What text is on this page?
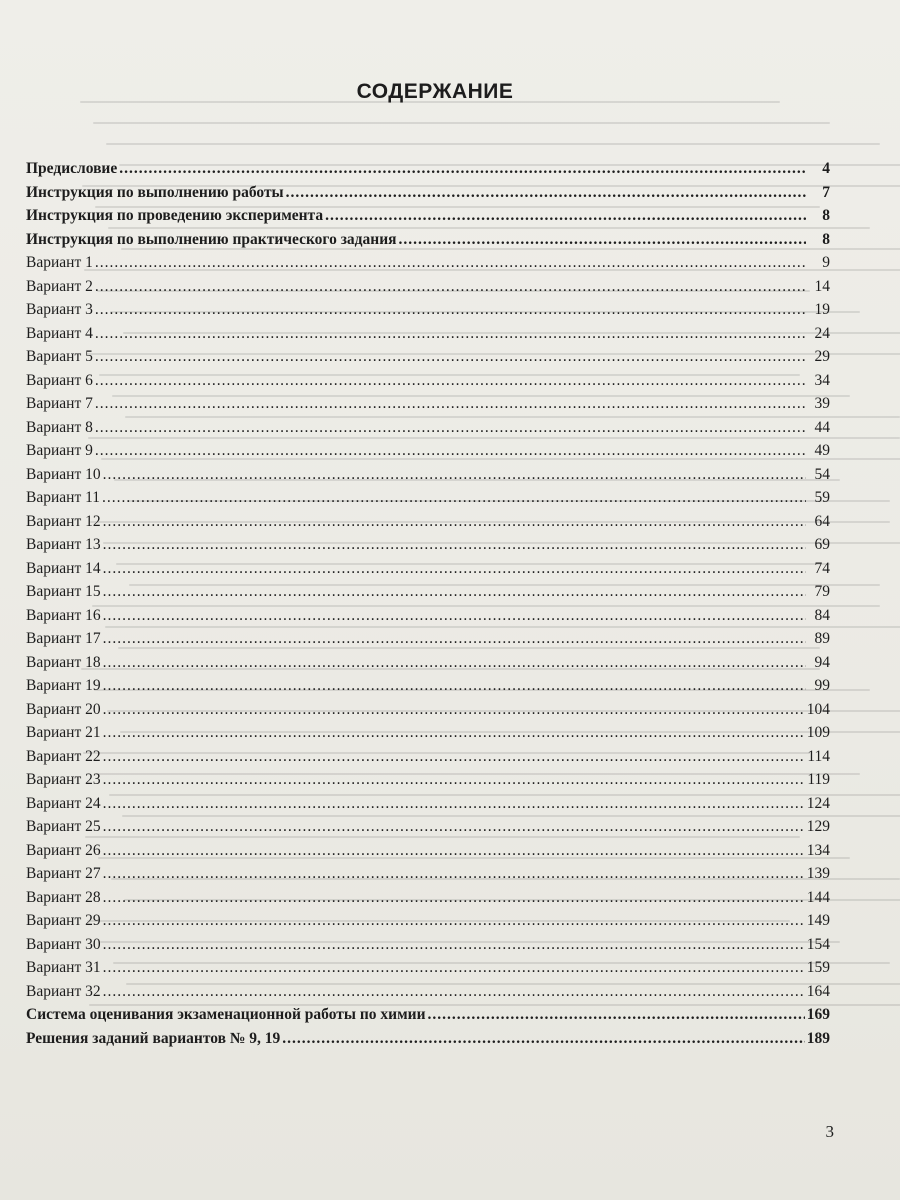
СОДЕРЖАНИЕ
Предисловие .....	4
Инструкция по выполнению работы .....	7
Инструкция по проведению эксперимента .....	8
Инструкция по выполнению практического задания .....	8
Вариант 1 .....	9
Вариант 2 .....	14
Вариант 3 .....	19
Вариант 4 .....	24
Вариант 5 .....	29
Вариант 6 .....	34
Вариант 7 .....	39
Вариант 8 .....	44
Вариант 9 .....	49
Вариант 10 .....	54
Вариант 11 .....	59
Вариант 12 .....	64
Вариант 13 .....	69
Вариант 14 .....	74
Вариант 15 .....	79
Вариант 16 .....	84
Вариант 17 .....	89
Вариант 18 .....	94
Вариант 19 .....	99
Вариант 20 .....	104
Вариант 21 .....	109
Вариант 22 .....	114
Вариант 23 .....	119
Вариант 24 .....	124
Вариант 25 .....	129
Вариант 26 .....	134
Вариант 27 .....	139
Вариант 28 .....	144
Вариант 29 .....	149
Вариант 30 .....	154
Вариант 31 .....	159
Вариант 32 .....	164
Система оценивания экзаменационной работы по химии .....	169
Решения заданий вариантов № 9, 19 .....	189
3
